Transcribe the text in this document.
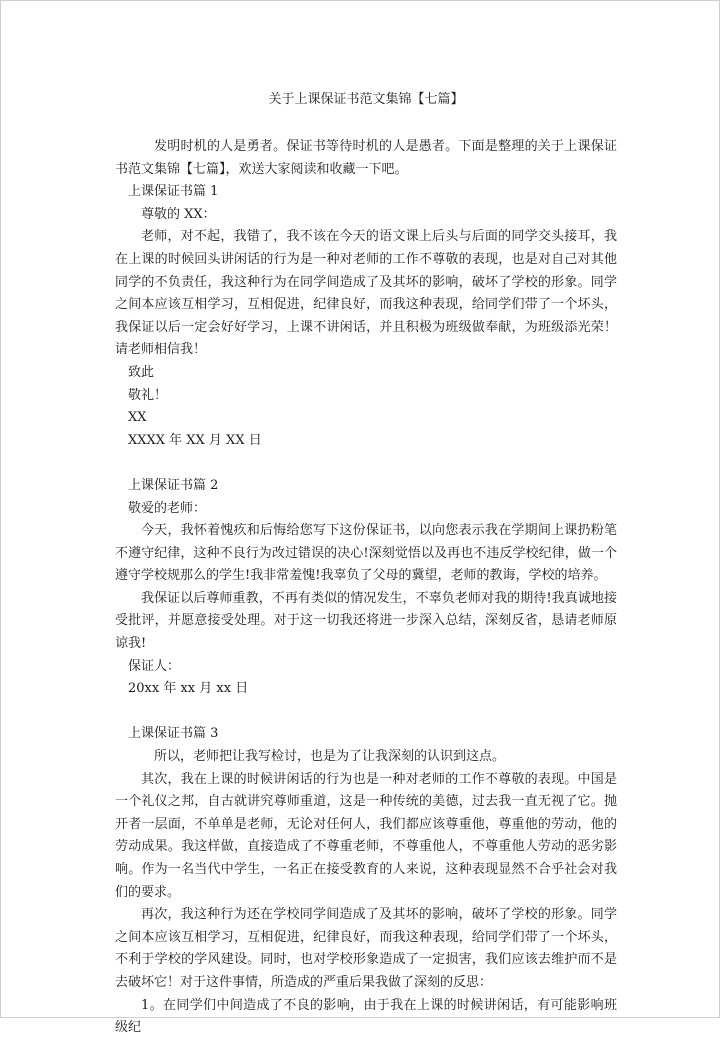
关于上课保证书范文集锦【七篇】

发明时机的人是勇者。保证书等待时机的人是愚者。下面是整理的关于上课保证书范文集锦【七篇】，欢送大家阅读和收藏一下吧。

上课保证书篇 1

尊敬的 XX：

老师，对不起，我错了，我不该在今天的语文课上后头与后面的同学交头接耳，我在上课的时候回头讲闲话的行为是一种对老师的工作不尊敬的表现，也是对自己对其他同学的不负责任，我这种行为在同学间造成了及其坏的影响，破坏了学校的形象。同学之间本应该互相学习，互相促进，纪律良好，而我这种表现，给同学们带了一个坏头，我保证以后一定会好好学习，上课不讲闲话，并且积极为班级做奉献，为班级添光荣！请老师相信我！

致此

敬礼！

XX

XXXX 年 XX 月 XX 日

上课保证书篇 2

敬爱的老师：

今天，我怀着愧疚和后悔给您写下这份保证书，以向您表示我在学期间上课扔粉笔不遵守纪律，这种不良行为改过错误的决心!深刻觉悟以及再也不违反学校纪律，做一个遵守学校规那么的学生!我非常羞愧!我辜负了父母的冀望，老师的教诲，学校的培养。

我保证以后尊师重教，不再有类似的情况发生，不辜负老师对我的期待!我真诚地接受批评，并愿意接受处理。对于这一切我还将进一步深入总结，深刻反省，恳请老师原谅我!

保证人：

20xx 年 xx 月 xx 日

上课保证书篇 3

所以，老师把让我写检讨，也是为了让我深刻的认识到这点。

其次，我在上课的时候讲闲话的行为也是一种对老师的工作不尊敬的表现。中国是一个礼仪之邦，自古就讲究尊师重道，这是一种传统的美德，过去我一直无视了它。抛开者一层面，不单单是老师，无论对任何人，我们都应该尊重他，尊重他的劳动，他的劳动成果。我这样做，直接造成了不尊重老师，不尊重他人，不尊重他人劳动的恶劣影响。作为一名当代中学生，一名正在接受教育的人来说，这种表现显然不合乎社会对我们的要求。

再次，我这种行为还在学校同学间造成了及其坏的影响，破坏了学校的形象。同学之间本应该互相学习，互相促进，纪律良好，而我这种表现，给同学们带了一个坏头，不利于学校的学风建设。同时，也对学校形象造成了一定损害，我们应该去维护而不是去破坏它！对于这件事情，所造成的严重后果我做了深刻的反思：

1。在同学们中间造成了不良的影响，由于我在上课的时候讲闲话，有可能影响班级纪
